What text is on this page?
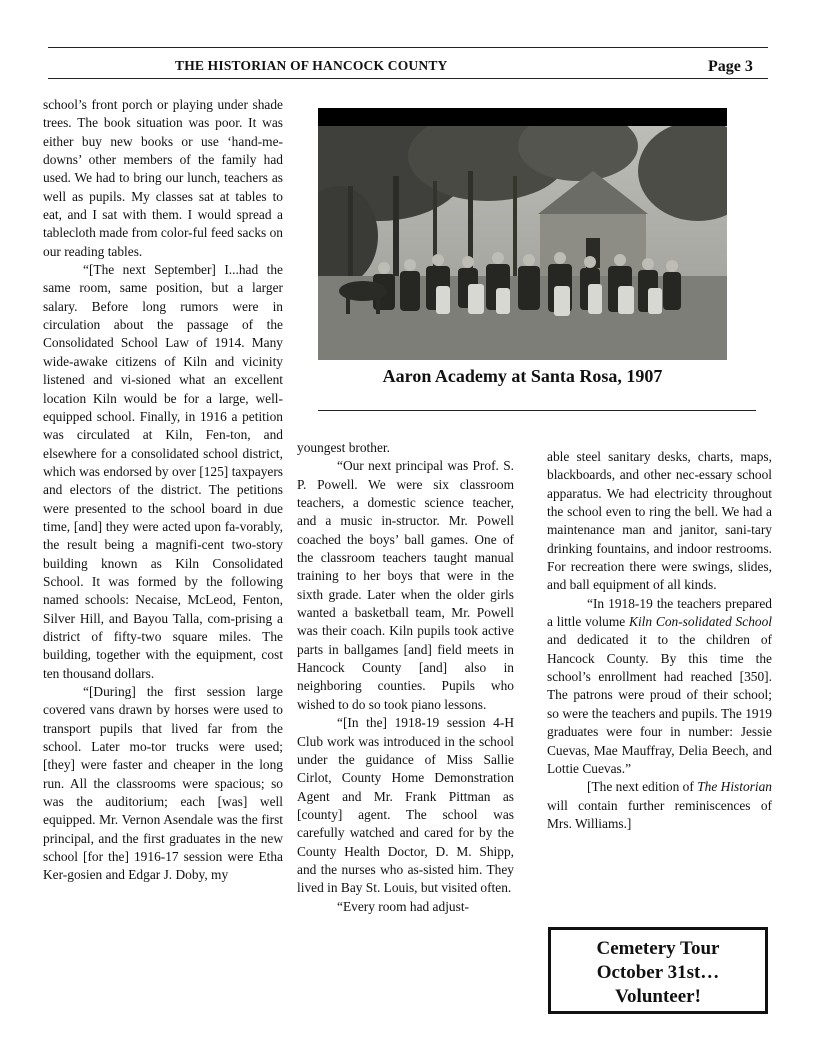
THE HISTORIAN OF HANCOCK COUNTY	Page 3

school’s front porch or playing under shade trees. The book situation was poor. It was either buy new books or use ‘hand-me-downs’ other members of the family had used. We had to bring our lunch, teachers as well as pupils. My classes sat at tables to eat, and I sat with them. I would spread a tablecloth made from color-ful feed sacks on our reading tables.

“[The next September] I...had the same room, same position, but a larger salary. Before long rumors were in circulation about the passage of the Consolidated School Law of 1914. Many wide-awake citizens of Kiln and vicinity listened and vi-sioned what an excellent location Kiln would be for a large, well-equipped school. Finally, in 1916 a petition was circulated at Kiln, Fen-ton, and elsewhere for a consolidated school district, which was endorsed by over [125] taxpayers and electors of the district. The petitions were presented to the school board in due time, [and] they were acted upon fa-vorably, the result being a magnifi-cent two-story building known as Kiln Consolidated School. It was formed by the following named schools: Necaise, McLeod, Fenton, Silver Hill, and Bayou Talla, com-prising a district of fifty-two square miles. The building, together with the equipment, cost ten thousand dollars.

“[During] the first session large covered vans drawn by horses were used to transport pupils that lived far from the school. Later mo-tor trucks were used; [they] were faster and cheaper in the long run. All the classrooms were spacious; so was the auditorium; each [was] well equipped. Mr. Vernon Asendale was the first principal, and the first graduates in the new school [for the] 1916-17 session were Etha Ker-gosien and Edgar J. Doby, my

Aaron Academy at Santa Rosa, 1907

youngest brother.

“Our next principal was Prof. S. P. Powell. We were six classroom teachers, a domestic science teacher, and a music in-structor. Mr. Powell coached the boys’ ball games. One of the classroom teachers taught manual training to her boys that were in the sixth grade. Later when the older girls wanted a basketball team, Mr. Powell was their coach. Kiln pupils took active parts in ballgames [and] field meets in Hancock County [and] also in neighboring counties. Pupils who wished to do so took piano lessons.

“[In the] 1918-19 session 4-H Club work was introduced in the school under the guidance of Miss Sallie Cirlot, County Home Demonstration Agent and Mr. Frank Pittman as [county] agent. The school was carefully watched and cared for by the County Health Doctor, D. M. Shipp, and the nurses who as-sisted him. They lived in Bay St. Louis, but visited often.

“Every room had adjust-

able steel sanitary desks, charts, maps, blackboards, and other nec-essary school apparatus. We had electricity throughout the school even to ring the bell. We had a maintenance man and janitor, sani-tary drinking fountains, and indoor restrooms. For recreation there were swings, slides, and ball equipment of all kinds.

“In 1918-19 the teachers prepared a little volume Kiln Con-solidated School and dedicated it to the children of Hancock County. By this time the school’s enrollment had reached [350]. The patrons were proud of their school; so were the teachers and pupils. The 1919 graduates were four in number: Jessie Cuevas, Mae Mauffray, Delia Beech, and Lottie Cuevas.”

[The next edition of The Historian will contain further reminiscences of Mrs. Williams.]

Cemetery Tour
October 31st…
Volunteer!
